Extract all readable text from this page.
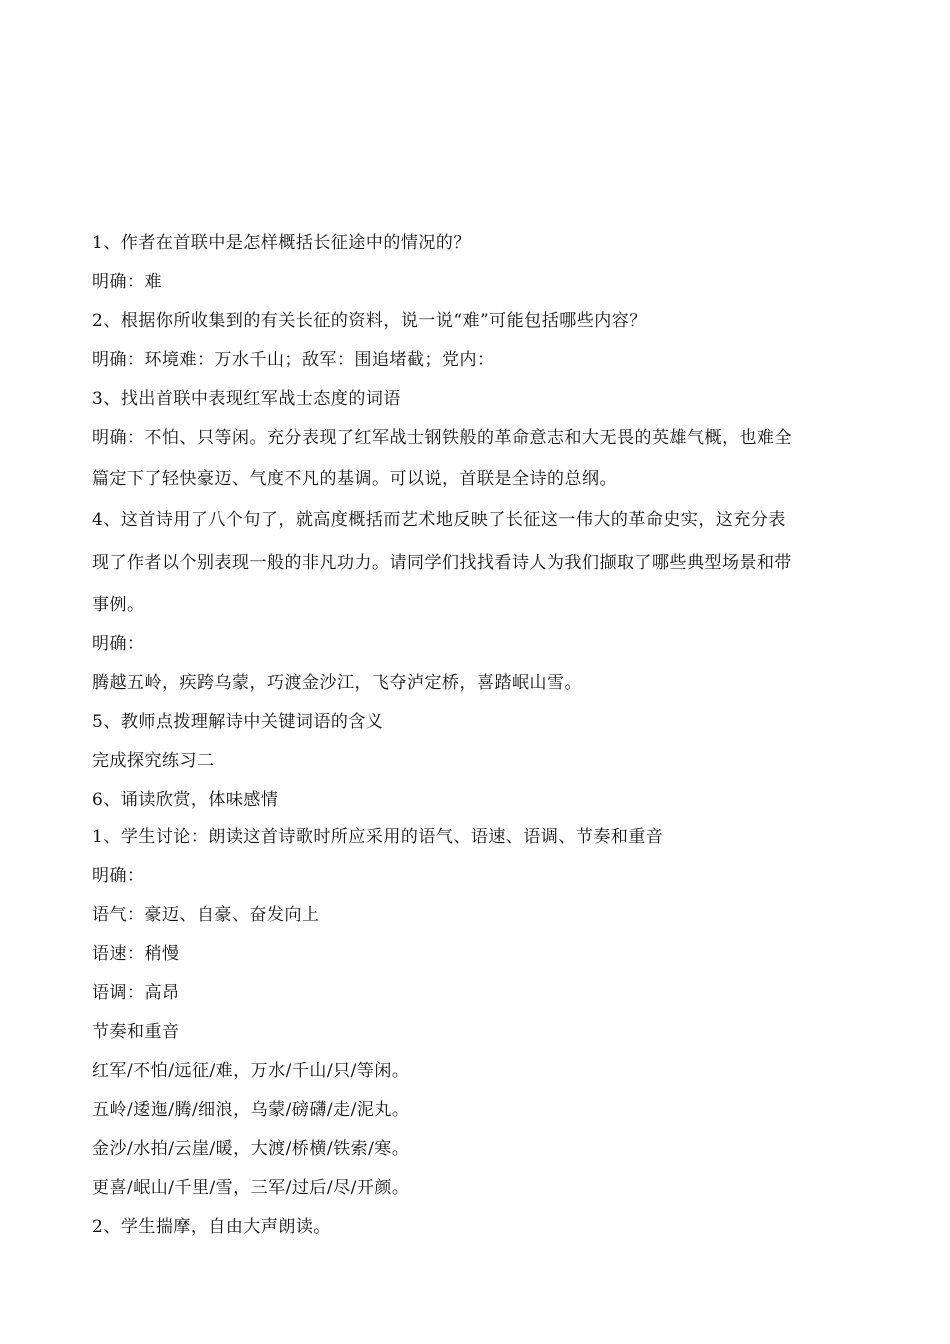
1、作者在首联中是怎样概括长征途中的情况的？
明确：难
2、根据你所收集到的有关长征的资料，说一说“难”可能包括哪些内容？
明确：环境难：万水千山；敌军：围追堵截；党内：
3、找出首联中表现红军战士态度的词语
明确：不怕、只等闲。充分表现了红军战士钢铁般的革命意志和大无畏的英雄气概，也难全
篇定下了轻快豪迈、气度不凡的基调。可以说，首联是全诗的总纲。
4、这首诗用了八个句了，就高度概括而艺术地反映了长征这一伟大的革命史实，这充分表
现了作者以个别表现一般的非凡功力。请同学们找找看诗人为我们撷取了哪些典型场景和带
事例。
明确：
腾越五岭，疾跨乌蒙，巧渡金沙江，飞夺泸定桥，喜踏岷山雪。
5、教师点拨理解诗中关键词语的含义
完成探究练习二
6、诵读欣赏，体味感情
1、学生讨论：朗读这首诗歌时所应采用的语气、语速、语调、节奏和重音
明确：
语气：豪迈、自豪、奋发向上
语速：稍慢
语调：高昂
节奏和重音
红军/不怕/远征/难，万水/千山/只/等闲。
五岭/逶迤/腾/细浪，乌蒙/磅礴/走/泥丸。
金沙/水拍/云崖/暖，大渡/桥横/铁索/寒。
更喜/岷山/千里/雪，三军/过后/尽/开颜。
2、学生揣摩，自由大声朗读。
